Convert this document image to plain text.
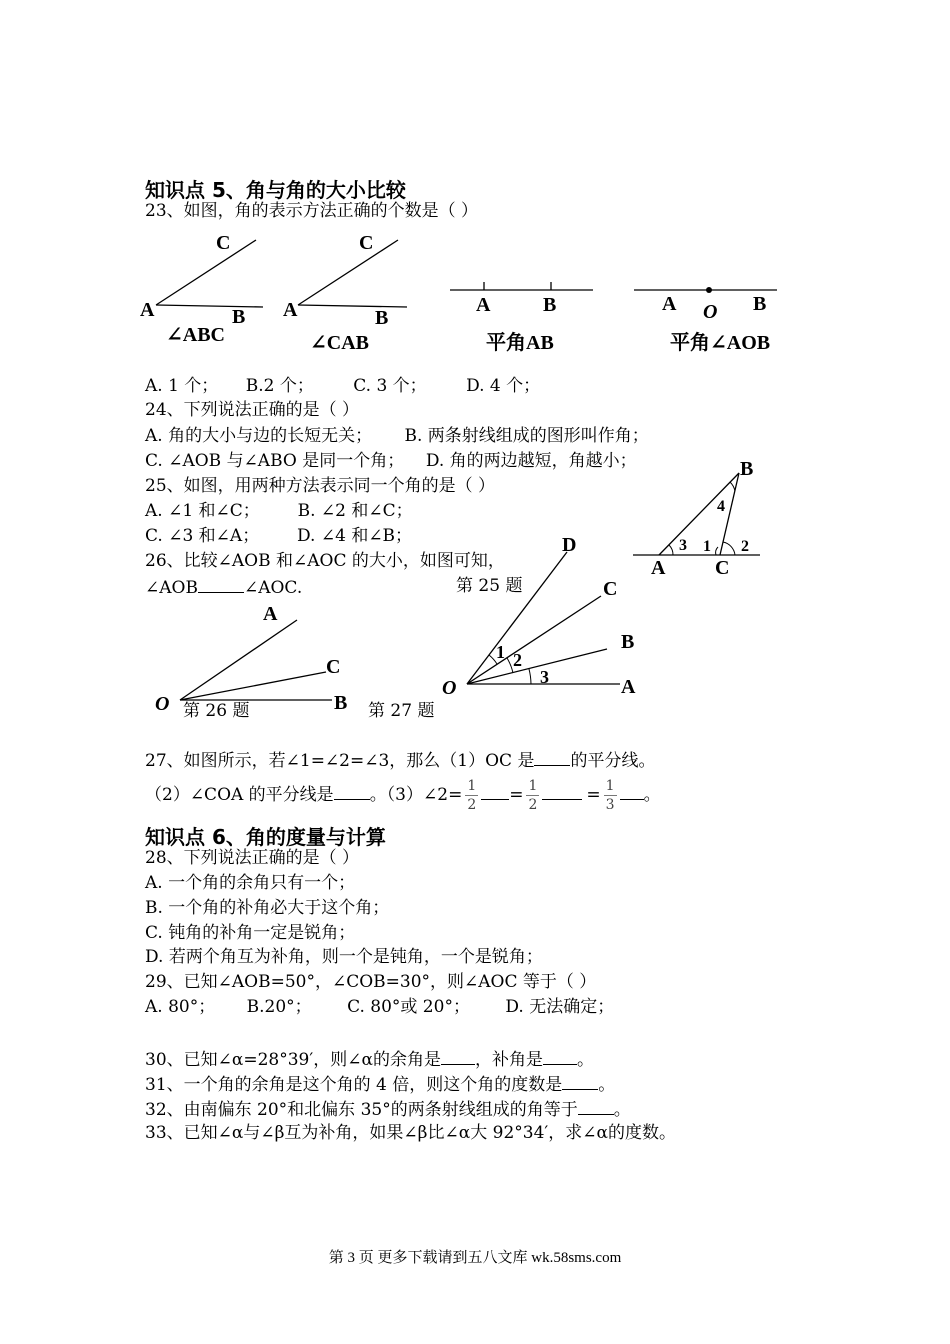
知识点 5、角与角的大小比较
23、如图，角的表示方法正确的个数是（ ）
C
A	B
∠ABC
C
A	B
∠CAB
A	B
平角AB
A O B
平角∠AOB
A. 1 个； B.2 个； C. 3 个； D. 4 个；
24、下列说法正确的是（ ）
A. 角的大小与边的长短无关；      B. 两条射线组成的图形叫作角；
C. ∠AOB 与∠ABO 是同一个角；    D. 角的两边越短，角越小；
25、如图，用两种方法表示同一个角的是（ ）
A. ∠1 和∠C；       B. ∠2 和∠C；
C. ∠3 和∠A；       D. ∠4 和∠B；
B
A C
1 2
3
4
26、比较∠AOB 和∠AOC 的大小，如图可知，
∠AOB	∠AOC.	第 25 题
A
C
O	B
第 26 题
D
C
B
O	A
1 2
3
第 27 题
27、如图所示，若∠1=∠2=∠3，那么（1）OC 是 的平分线。
（2）∠COA 的平分线是 。（3）∠2= $\frac{1}{2} = \frac{1}{2}$	= $\frac{1}{3}$ 。
知识点 6、角的度量与计算
28、下列说法正确的是（ ）
A. 一个角的余角只有一个；
B. 一个角的补角必大于这个角；
C. 钝角的补角一定是锐角；
D. 若两个角互为补角，则一个是钝角，一个是锐角；
29、已知∠AOB=50°，∠COB=30°，则∠AOC 等于（ ）
A. 80°； B.20°； C. 80°或 20°； D. 无法确定；
30、已知∠α=28°39′，则∠α的余角是 ，补角是 。
31、一个角的余角是这个角的 4 倍，则这个角的度数是 。
32、由南偏东 20°和北偏东 35°的两条射线组成的角等于 。
33、已知∠α与∠β互为补角，如果∠β比∠α大 92°34′，求∠α的度数。
第 3 页 更多下载请到五八文库 wk.58sms.com
